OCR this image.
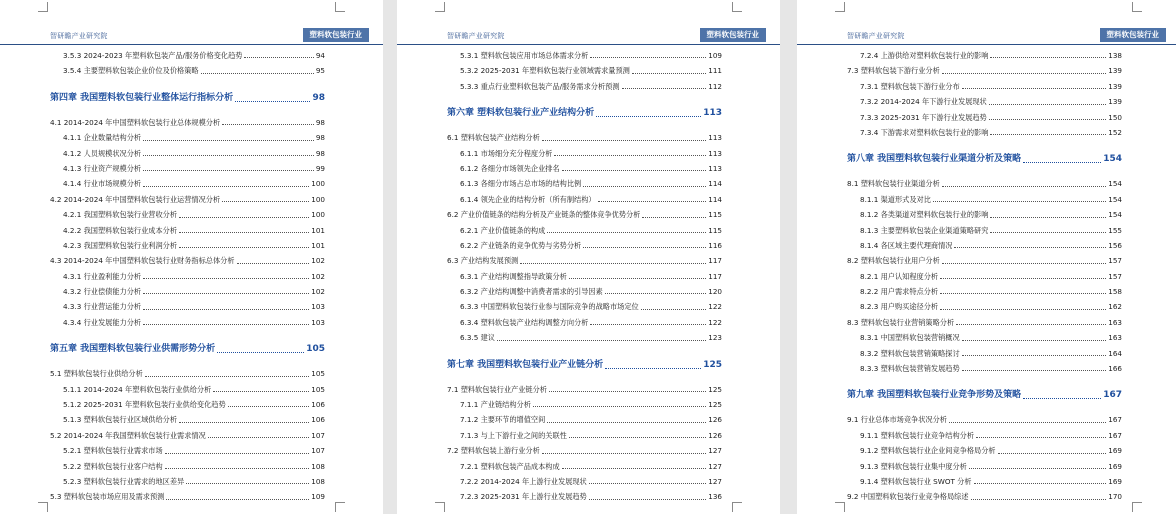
智研瞻产业研究院	塑料软包装行业
3.5.3 2024-2023 年塑料软包装产品/服务价格变化趋势	94
3.5.4 主要塑料软包装企业价位及价格策略	95
第四章 我国塑料软包装行业整体运行指标分析	98
4.1 2014-2024 年中国塑料软包装行业总体规模分析	98
4.1.1 企业数量结构分析	98
4.1.2 人员规模状况分析	98
4.1.3 行业资产规模分析	99
4.1.4 行业市场规模分析	100
4.2 2014-2024 年中国塑料软包装行业运营情况分析	100
4.2.1 我国塑料软包装行业营收分析	100
4.2.2 我国塑料软包装行业成本分析	101
4.2.3 我国塑料软包装行业利润分析	101
4.3 2014-2024 年中国塑料软包装行业财务指标总体分析	102
4.3.1 行业盈利能力分析	102
4.3.2 行业偿债能力分析	102
4.3.3 行业营运能力分析	103
4.3.4 行业发展能力分析	103
第五章 我国塑料软包装行业供需形势分析	105
5.1 塑料软包装行业供给分析	105
5.1.1 2014-2024 年塑料软包装行业供给分析	105
5.1.2 2025-2031 年塑料软包装行业供给变化趋势	106
5.1.3 塑料软包装行业区域供给分析	106
5.2 2014-2024 年我国塑料软包装行业需求情况	107
5.2.1 塑料软包装行业需求市场	107
5.2.2 塑料软包装行业客户结构	108
5.2.3 塑料软包装行业需求的地区差异	108
5.3 塑料软包装市场应用及需求预测	109
智研瞻产业研究院	塑料软包装行业
5.3.1 塑料软包装应用市场总体需求分析	109
5.3.2 2025-2031 年塑料软包装行业领域需求量预测	111
5.3.3 重点行业塑料软包装产品/服务需求分析预测	112
第六章 塑料软包装行业产业结构分析	113
6.1 塑料软包装产业结构分析	113
6.1.1 市场细分充分程度分析	113
6.1.2 各细分市场领先企业排名	113
6.1.3 各细分市场占总市场的结构比例	114
6.1.4 领先企业的结构分析（所有制结构）	114
6.2 产业价值链条的结构分析及产业链条的整体竞争优势分析	115
6.2.1 产业价值链条的构成	115
6.2.2 产业链条的竞争优势与劣势分析	116
6.3 产业结构发展预测	117
6.3.1 产业结构调整指导政策分析	117
6.3.2 产业结构调整中消费者需求的引导因素	120
6.3.3 中国塑料软包装行业参与国际竞争的战略市场定位	122
6.3.4 塑料软包装产业结构调整方向分析	122
6.3.5 建议	123
第七章 我国塑料软包装行业产业链分析	125
7.1 塑料软包装行业产业链分析	125
7.1.1 产业链结构分析	125
7.1.2 主要环节的增值空间	126
7.1.3 与上下游行业之间的关联性	126
7.2 塑料软包装上游行业分析	127
7.2.1 塑料软包装产品成本构成	127
7.2.2 2014-2024 年上游行业发展现状	127
7.2.3 2025-2031 年上游行业发展趋势	136
智研瞻产业研究院	塑料软包装行业
7.2.4 上游供给对塑料软包装行业的影响	138
7.3 塑料软包装下游行业分析	139
7.3.1 塑料软包装下游行业分布	139
7.3.2 2014-2024 年下游行业发展现状	139
7.3.3 2025-2031 年下游行业发展趋势	150
7.3.4 下游需求对塑料软包装行业的影响	152
第八章 我国塑料软包装行业渠道分析及策略	154
8.1 塑料软包装行业渠道分析	154
8.1.1 渠道形式及对比	154
8.1.2 各类渠道对塑料软包装行业的影响	154
8.1.3 主要塑料软包装企业渠道策略研究	155
8.1.4 各区域主要代理商情况	156
8.2 塑料软包装行业用户分析	157
8.2.1 用户认知程度分析	157
8.2.2 用户需求特点分析	158
8.2.3 用户购买途径分析	162
8.3 塑料软包装行业营销策略分析	163
8.3.1 中国塑料软包装营销概况	163
8.3.2 塑料软包装营销策略探讨	164
8.3.3 塑料软包装营销发展趋势	166
第九章 我国塑料软包装行业竞争形势及策略	167
9.1 行业总体市场竞争状况分析	167
9.1.1 塑料软包装行业竞争结构分析	167
9.1.2 塑料软包装行业企业间竞争格局分析	169
9.1.3 塑料软包装行业集中度分析	169
9.1.4 塑料软包装行业 SWOT 分析	169
9.2 中国塑料软包装行业竞争格局综述	170
